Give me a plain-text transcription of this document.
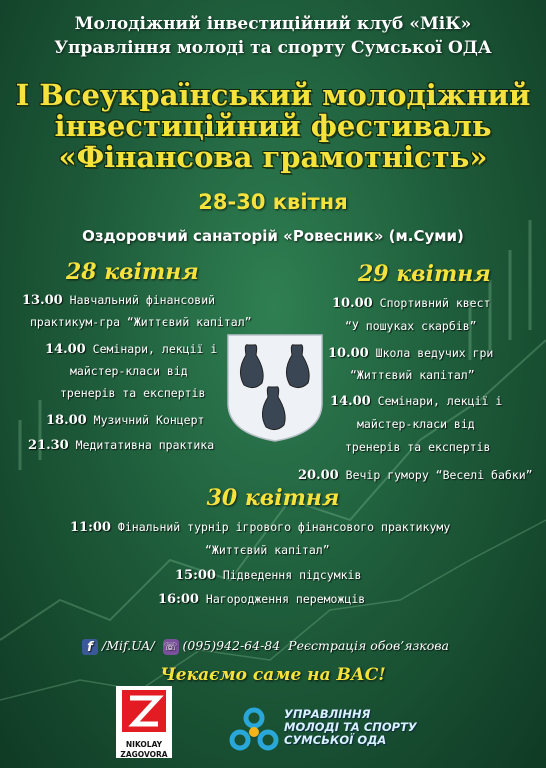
Молодіжний інвестиційний клуб «МіК»
Управління молоді та спорту Сумської ОДА
I Всеукраїнський молодіжний
інвестиційний фестиваль
«Фінансова грамотність»
28-30 квітня
Оздоровчий санаторій «Ровесник» (м.Суми)
28 квітня
13.00 Навчальний фінансовий
практикум-гра “Життєвий капітал”
14.00 Семінари, лекції і
майстер-класи від
тренерів та експертів
18.00 Музичний Концерт
21.30 Медитативна практика
29 квітня
10.00 Спортивний квест
“У пошуках скарбів”
10.00 Школа ведучих гри
“Життєвий капітал”
14.00 Семінари, лекції і
майстер-класи від
тренерів та експертів
20.00 Вечір гумору “Веселі бабки”
30 квітня
11:00 Фінальний турнір ігрового фінансового практикуму
“Життєвий капітал”
15:00 Підведення підсумків
16:00 Нагородження переможців
f /Mif.UA/ ☏ (095)942-64-84 Реєстрація обов’язкова
Чекаємо саме на ВАС!
NIKOLAY
ZAGOVORA
УПРАВЛІННЯ
МОЛОДІ ТА СПОРТУ
СУМСЬКОЇ ОДА
